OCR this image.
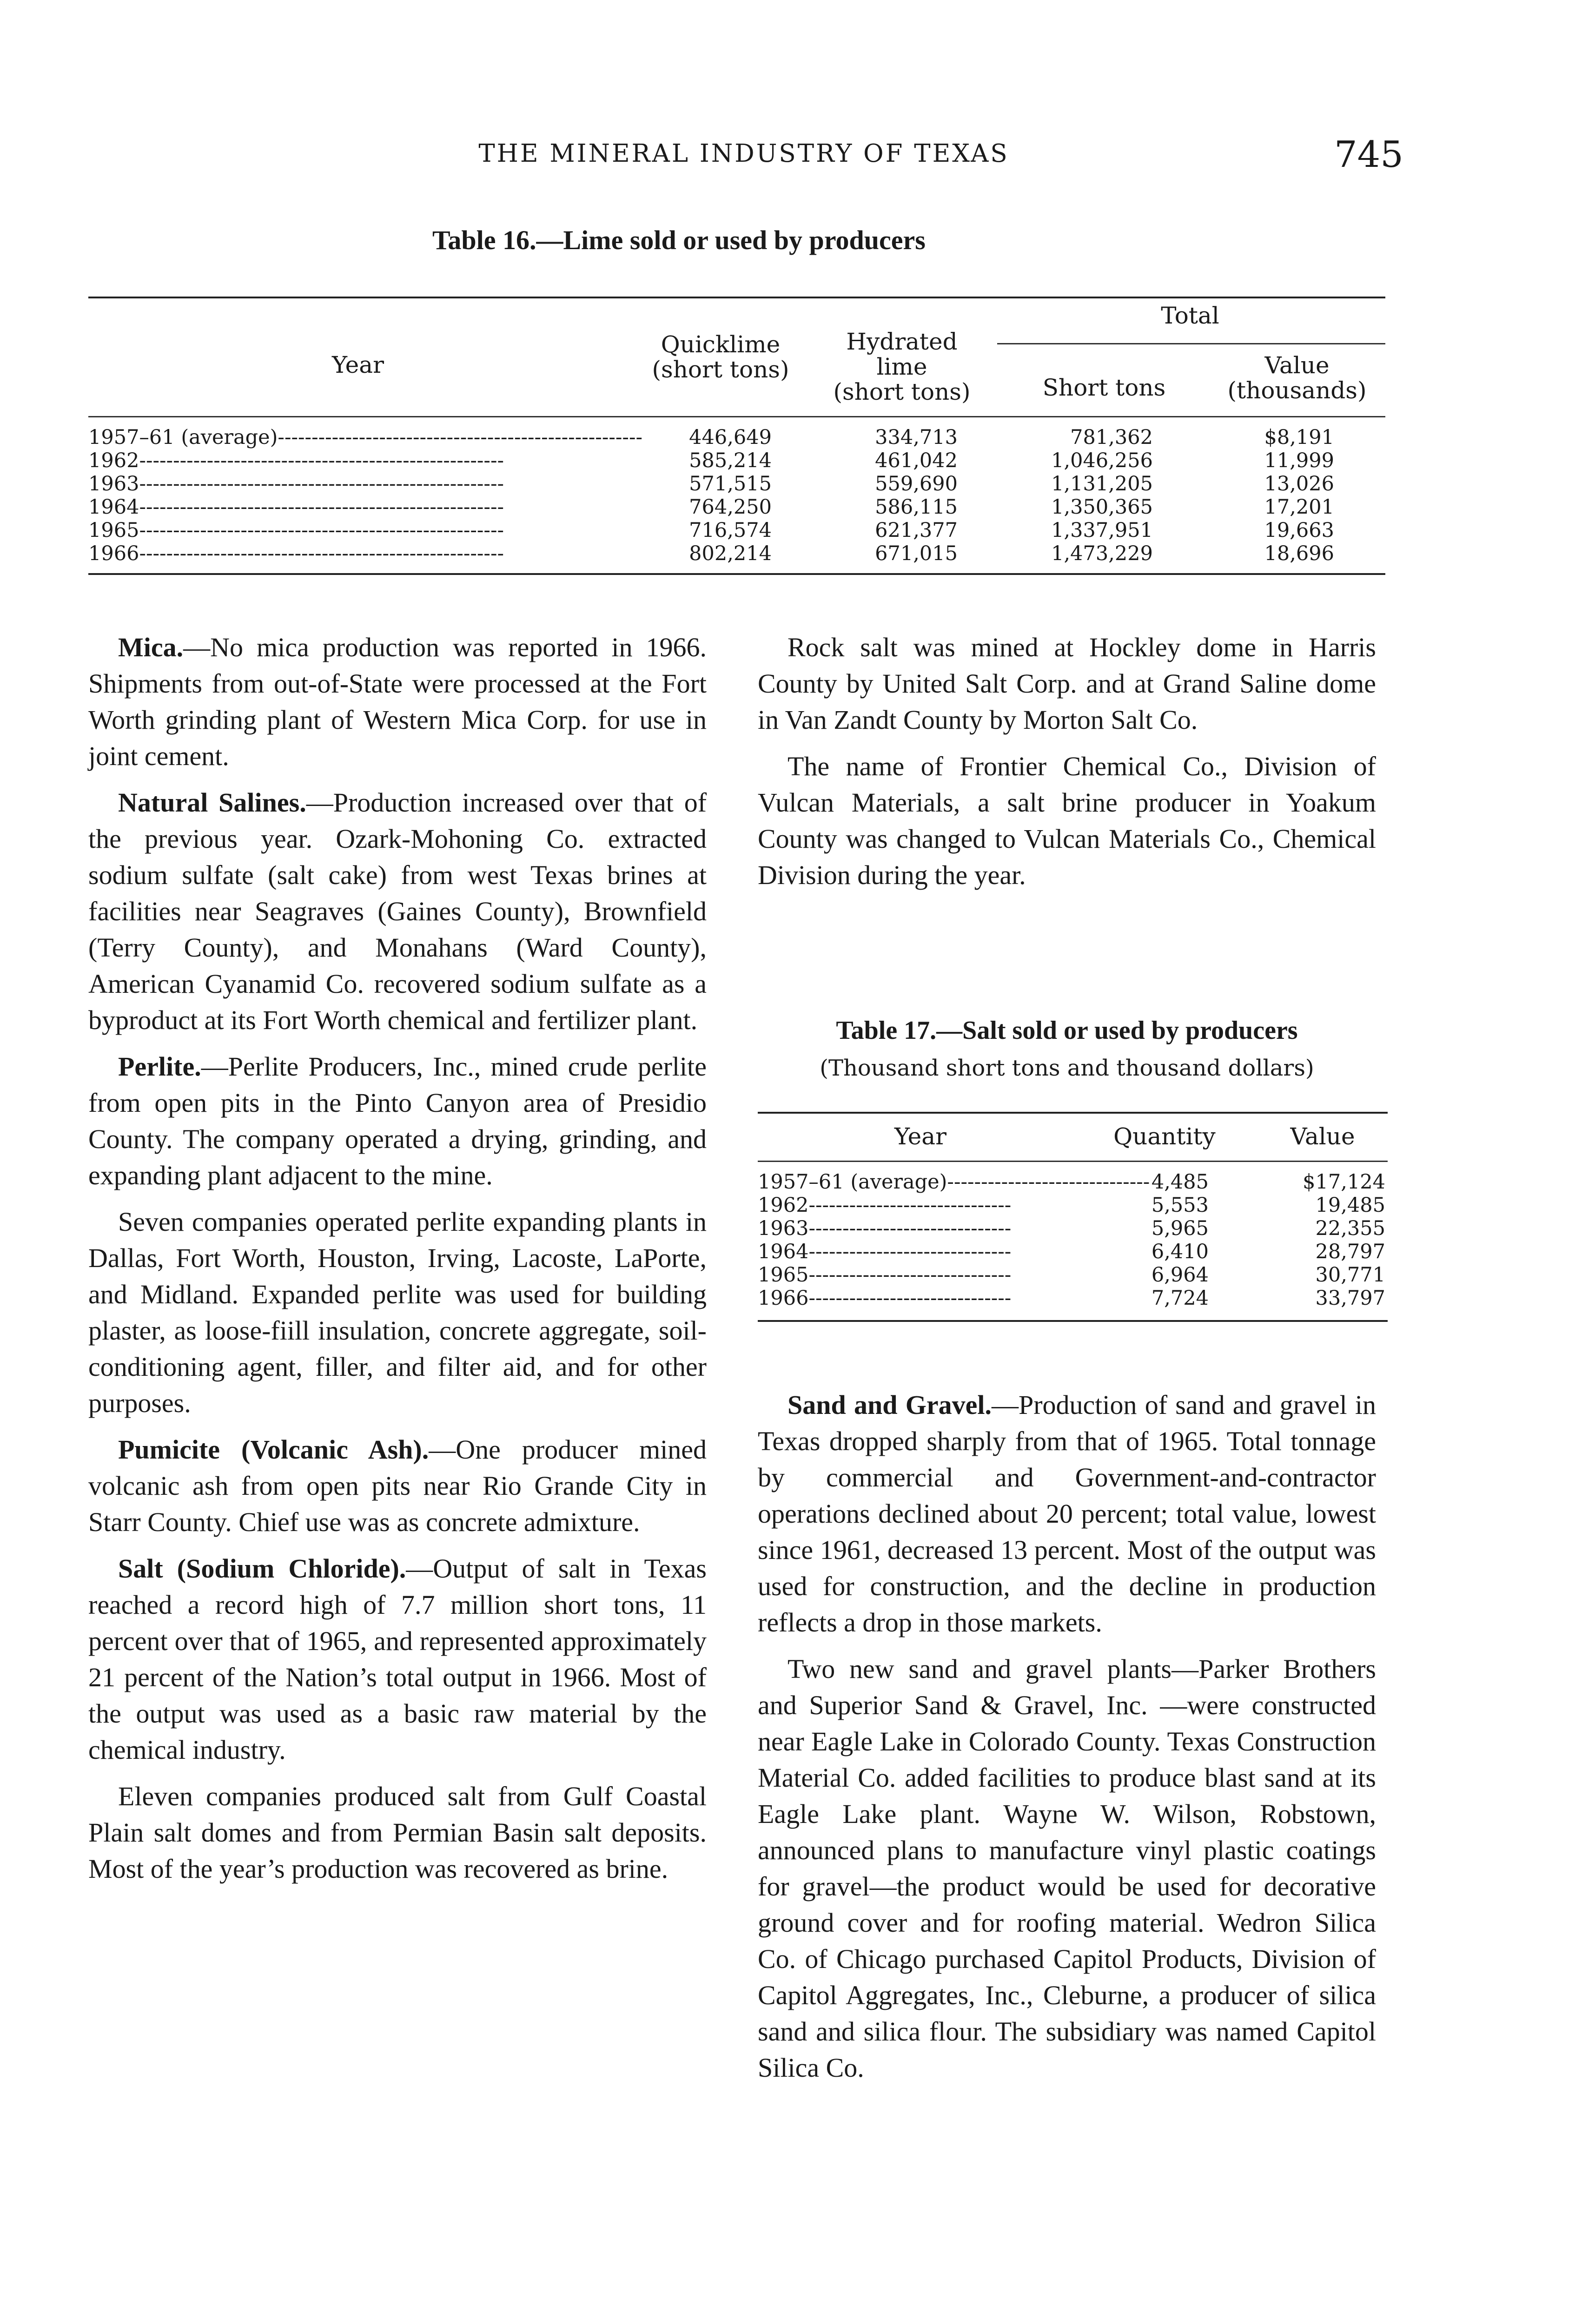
THE MINERAL INDUSTRY OF TEXAS	745
Table 16.—Lime sold or used by producers
Year
Quicklime
(short tons)
Hydrated
lime
(short tons)
Total
Short tons
Value
(thousands)
1957–61 (average)------------------------------------------------------	446,649	334,713	781,362	$8,191
1962------------------------------------------------------	585,214	461,042	1,046,256	11,999
1963------------------------------------------------------	571,515	559,690	1,131,205	13,026
1964------------------------------------------------------	764,250	586,115	1,350,365	17,201
1965------------------------------------------------------	716,574	621,377	1,337,951	19,663
1966------------------------------------------------------	802,214	671,015	1,473,229	18,696

Mica.—No mica production was reported in 1966. Shipments from out-of-State were processed at the Fort Worth grinding plant of Western Mica Corp. for use in joint cement.

Natural Salines.—Production increased over that of the previous year. Ozark-Mohoning Co. extracted sodium sulfate (salt cake) from west Texas brines at facilities near Seagraves (Gaines County), Brownfield (Terry County), and Monahans (Ward County), American Cyanamid Co. recovered sodium sulfate as a byproduct at its Fort Worth chemical and fertilizer plant.

Perlite.—Perlite Producers, Inc., mined crude perlite from open pits in the Pinto Canyon area of Presidio County. The company operated a drying, grinding, and expanding plant adjacent to the mine.

Seven companies operated perlite expanding plants in Dallas, Fort Worth, Houston, Irving, Lacoste, LaPorte, and Midland. Expanded perlite was used for building plaster, as loose-fiill insulation, concrete aggregate, soil-conditioning agent, filler, and filter aid, and for other purposes.

Pumicite (Volcanic Ash).—One producer mined volcanic ash from open pits near Rio Grande City in Starr County. Chief use was as concrete admixture.

Salt (Sodium Chloride).—Output of salt in Texas reached a record high of 7.7 million short tons, 11 percent over that of 1965, and represented approximately 21 percent of the Nation’s total output in 1966. Most of the output was used as a basic raw material by the chemical industry.

Eleven companies produced salt from Gulf Coastal Plain salt domes and from Permian Basin salt deposits. Most of the year’s production was recovered as brine.

Rock salt was mined at Hockley dome in Harris County by United Salt Corp. and at Grand Saline dome in Van Zandt County by Morton Salt Co.

The name of Frontier Chemical Co., Division of Vulcan Materials, a salt brine producer in Yoakum County was changed to Vulcan Materials Co., Chemical Division during the year.

Table 17.—Salt sold or used by producers
(Thousand short tons and thousand dollars)
Year	Quantity	Value
1957–61 (average)------------------------------ 4,485	$17,124
1962------------------------------	5,553	19,485
1963------------------------------	5,965	22,355
1964------------------------------	6,410	28,797
1965------------------------------	6,964	30,771
1966------------------------------	7,724	33,797

Sand and Gravel.—Production of sand and gravel in Texas dropped sharply from that of 1965. Total tonnage by commercial and Government-and-contractor operations declined about 20 percent; total value, lowest since 1961, decreased 13 percent. Most of the output was used for construction, and the decline in production reflects a drop in those markets.

Two new sand and gravel plants—Parker Brothers and Superior Sand & Gravel, Inc. —were constructed near Eagle Lake in Colorado County. Texas Construction Material Co. added facilities to produce blast sand at its Eagle Lake plant. Wayne W. Wilson, Robstown, announced plans to manufacture vinyl plastic coatings for gravel—the product would be used for decorative ground cover and for roofing material. Wedron Silica Co. of Chicago purchased Capitol Products, Division of Capitol Aggregates, Inc., Cleburne, a producer of silica sand and silica flour. The subsidiary was named Capitol Silica Co.
